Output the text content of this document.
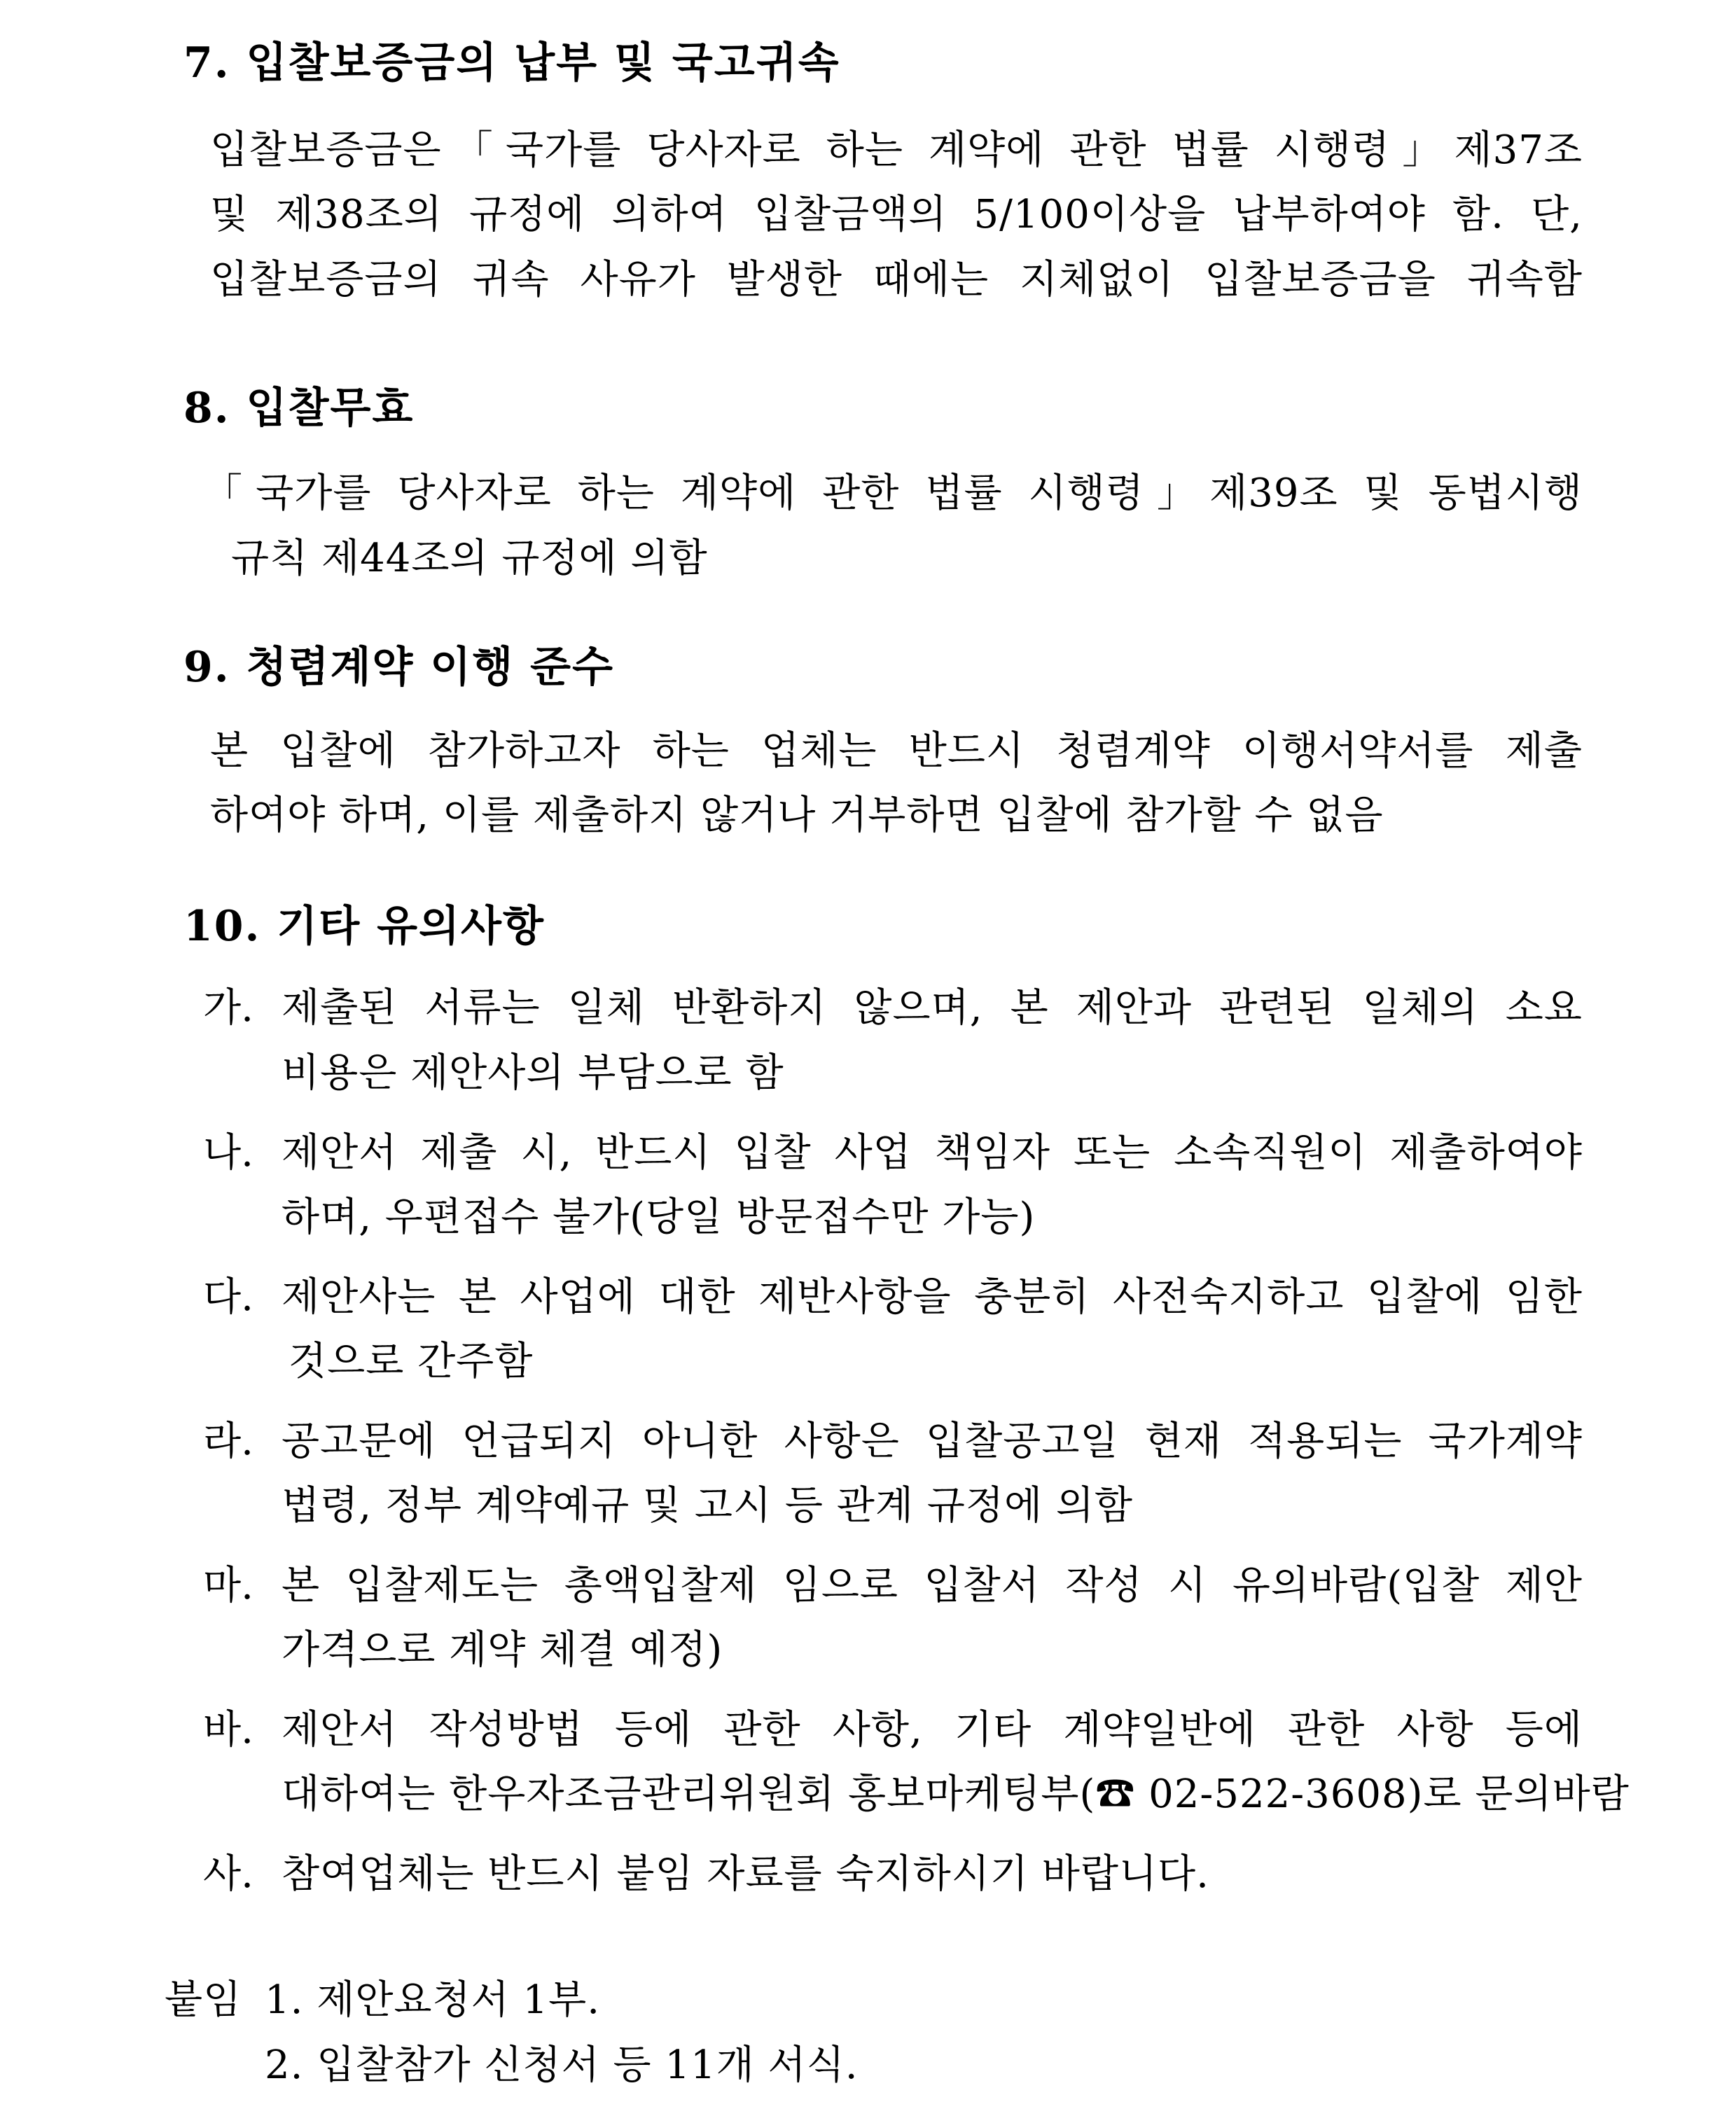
7. 입찰보증금의 납부 및 국고귀속
입찰보증금은「국가를 당사자로 하는 계약에 관한 법률 시행령」제37조
및 제38조의 규정에 의하여 입찰금액의 5/100이상을 납부하여야 함. 단,
입찰보증금의 귀속 사유가 발생한 때에는 지체없이 입찰보증금을 귀속함
8. 입찰무효
「국가를 당사자로 하는 계약에 관한 법률 시행령」제39조 및 동법시행
규칙 제44조의 규정에 의함
9. 청렴계약 이행 준수
본 입찰에 참가하고자 하는 업체는 반드시 청렴계약 이행서약서를 제출
하여야 하며, 이를 제출하지 않거나 거부하면 입찰에 참가할 수 없음
10. 기타 유의사항
가. 제출된 서류는 일체 반환하지 않으며, 본 제안과 관련된 일체의 소요
비용은 제안사의 부담으로 함
나. 제안서 제출 시, 반드시 입찰 사업 책임자 또는 소속직원이 제출하여야
하며, 우편접수 불가(당일 방문접수만 가능)
다. 제안사는 본 사업에 대한 제반사항을 충분히 사전숙지하고 입찰에 임한
것으로 간주함
라. 공고문에 언급되지 아니한 사항은 입찰공고일 현재 적용되는 국가계약
법령, 정부 계약예규 및 고시 등 관계 규정에 의함
마. 본 입찰제도는 총액입찰제 임으로 입찰서 작성 시 유의바람(입찰 제안
가격으로 계약 체결 예정)
바. 제안서 작성방법 등에 관한 사항, 기타 계약일반에 관한 사항 등에
대하여는 한우자조금관리위원회 홍보마케팅부(☎ 02-522-3608)로 문의바람
사. 참여업체는 반드시 붙임 자료를 숙지하시기 바랍니다.
붙임 1. 제안요청서 1부.
2. 입찰참가 신청서 등 11개 서식.
